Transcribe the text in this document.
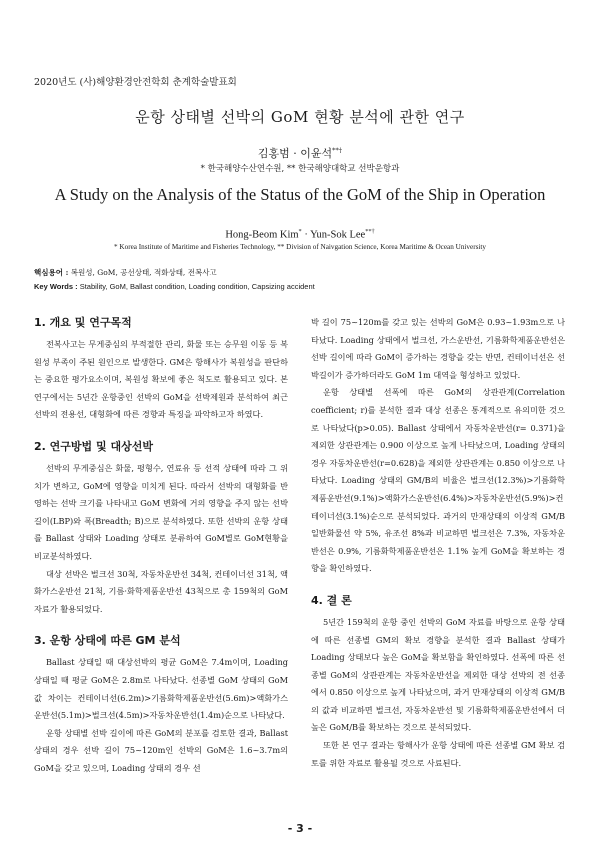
2020년도 (사)해양환경안전학회 춘계학술발표회
운항 상태별 선박의 GoM 현황 분석에 관한 연구
김홍범 · 이윤석**†
* 한국해양수산연수원, ** 한국해양대학교 선박운항과
A Study on the Analysis of the Status of the GoM of the Ship in Operation
Hong-Beom Kim* · Yun-Sok Lee**†
* Korea Institute of Maritime and Fisheries Technology, ** Division of Naivgation Science, Korea Maritime & Ocean University
핵심용어 : 복원성, GoM, 공선상태, 적화상태, 전복사고
Key Words : Stability, GoM, Ballast condition, Loading condition, Capsizing accident
1. 개요 및 연구목적

전복사고는 무게중심의 부적절한 관리, 화물 또는 승무원 이동 등 복원성 부족이 주된 원인으로 발생한다. GM은 항해사가 복원성을 판단하는 중요한 평가요소이며, 복원성 확보에 좋은 척도로 활용되고 있다. 본 연구에서는 5년간 운항중인 선박의 GoM을 선박제원과 분석하여 최근 선박의 전용선, 대형화에 따른 경향과 특징을 파악하고자 하였다.

2. 연구방법 및 대상선박

선박의 무게중심은 화물, 평형수, 연료유 등 선적 상태에 따라 그 위치가 변하고, GoM에 영향을 미치게 된다. 따라서 선박의 대형화를 반영하는 선박 크기를 나타내고 GoM 변화에 거의 영향을 주지 않는 선박 길이(LBP)와 폭(Breadth; B)으로 분석하였다. 또한 선박의 운항 상태를 Ballast 상태와 Loading 상태로 분류하여 GoM별로 GoM현황을 비교분석하였다.

대상 선박은 벌크선 30척, 자동차운반선 34척, 컨테이너선 31척, 액화가스운반선 21척, 기름·화학제품운반선 43척으로 총 159척의 GoM 자료가 활용되었다.

3. 운항 상태에 따른 GM 분석

Ballast 상태일 때 대상선박의 평균 GoM은 7.4m이며, Loading 상태일 때 평균 GoM은 2.8m로 나타났다. 선종별 GoM 상태의 GoM값 차이는 컨테이너선(6.2m)>기름화학제품운반선(5.6m)>액화가스운반선(5.1m)>벌크선(4.5m)>자동차운반선(1.4m)순으로 나타났다.

운항 상태별 선박 길이에 따른 GoM의 분포를 검토한 결과, Ballast 상태의 경우 선박 길이 75~120m인 선박의 GoM은 1.6~3.7m의 GoM을 갖고 있으며, Loading 상태의 경우 선

박 길이 75~120m를 갖고 있는 선박의 GoM은 0.93~1.93m으로 나타났다. Loading 상태에서 벌크선, 가스운반선, 기름화학제품운반선은 선박 길이에 따라 GoM이 증가하는 경향을 갖는 반면, 컨테이너선은 선박길이가 증가하더라도 GoM 1m 대역을 형성하고 있었다.

운항 상태별 선폭에 따른 GoM의 상관관계(Correlation coefficient; r)를 분석한 결과 대상 선종은 통계적으로 유의미한 것으로 나타났다(p>0.05). Ballast 상태에서 자동차운반선(r= 0.371)을 제외한 상관관계는 0.900 이상으로 높게 나타났으며, Loading 상태의 경우 자동차운반선(r=0.628)을 제외한 상관관계는 0.850 이상으로 나타났다. Loading 상태의 GM/B의 비율은 벌크선(12.3%)>기름화학제품운반선(9.1%)>액화가스운반선(6.4%)>자동차운반선(5.9%)>컨테이너선(3.1%)순으로 분석되었다. 과거의 만재상태의 이상적 GM/B 일반화물선 약 5%, 유조선 8%과 비교하면 벌크선은 7.3%, 자동차운반선은 0.9%, 기름화학제품운반선은 1.1% 높게 GoM을 확보하는 경향을 확인하였다.

4. 결 론

5년간 159척의 운항 중인 선박의 GoM 자료를 바탕으로 운항 상태에 따른 선종별 GM의 확보 경향을 분석한 결과 Ballast 상태가 Loading 상태보다 높은 GoM을 확보함을 확인하였다. 선폭에 따른 선종별 GoM의 상관관계는 자동차운반선을 제외한 대상 선박의 전 선종에서 0.850 이상으로 높게 나타났으며, 과거 만재상태의 이상적 GM/B의 값과 비교하면 벌크선, 자동차운반선 및 기름화학제품운반선에서 더 높은 GoM/B를 확보하는 것으로 분석되었다.

또한 본 연구 결과는 항해사가 운항 상태에 따른 선종별 GM 확보 검토를 위한 자료로 활용될 것으로 사료된다.

- 3 -
